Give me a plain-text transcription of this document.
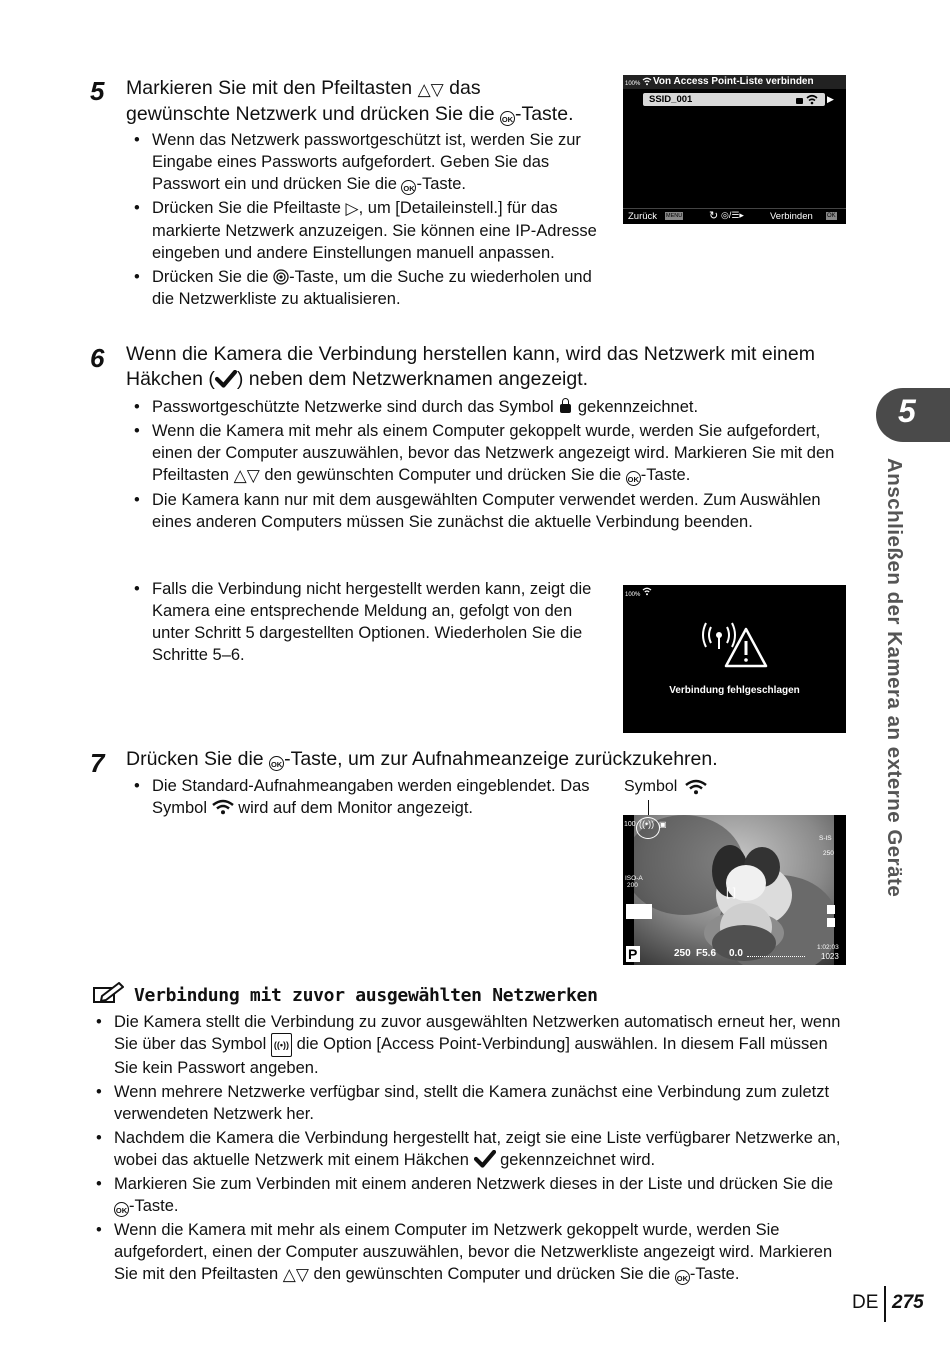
5 Markieren Sie mit den Pfeiltasten △▽ das
gewünschte Netzwerk und drücken Sie die OK-Taste.
• Wenn das Netzwerk passwortgeschützt ist, werden Sie zur Eingabe eines Passworts aufgefordert. Geben Sie das Passwort ein und drücken Sie die OK -Taste.
• Drücken Sie die Pfeiltaste ▷, um [Detaileinstell.] für das markierte Netzwerk anzuzeigen. Sie können eine IP-Adresse eingeben und andere Einstellungen manuell anpassen.
• Drücken Sie die -Taste, um die Suche zu wiederholen und die Netzwerkliste zu aktualisieren.
100% Von Access Point-Liste verbinden
SSID_001	▶
Zurück MENU ↻ ◎/☰▸	Verbinden OK
6 Wenn die Kamera die Verbindung herstellen kann, wird das Netzwerk mit einem Häkchen ( ) neben dem Netzwerknamen angezeigt.
• Passwortgeschützte Netzwerke sind durch das Symbol gekennzeichnet.
• Wenn die Kamera mit mehr als einem Computer gekoppelt wurde, werden Sie aufgefordert, einen der Computer auszuwählen, bevor das Netzwerk angezeigt wird. Markieren Sie mit den Pfeiltasten △▽ den gewünschten Computer und drücken Sie die OK -Taste.
• Die Kamera kann nur mit dem ausgewählten Computer verwendet werden. Zum Auswählen eines anderen Computers müssen Sie zunächst die aktuelle Verbindung beenden.
• Falls die Verbindung nicht hergestellt werden kann, zeigt die Kamera eine entsprechende Meldung an, gefolgt von den unter Schritt 5 dargestellten Optionen. Wiederholen Sie die Schritte 5–6.
100%
Verbindung fehlgeschlagen
7 Drücken Sie die OK-Taste, um zur Aufnahmeanzeige zurückzukehren.
• Die Standard-Aufnahmeangaben werden eingeblendet. Das Symbol wird auf dem Monitor angezeigt.
Symbol
100 ((•)) ▣
S-IS
ISO-A
200
250
[ ]
P	250 F5.6 0.0
1:02:03
1023
Verbindung mit zuvor ausgewählten Netzwerken
• Die Kamera stellt die Verbindung zu zuvor ausgewählten Netzwerken automatisch erneut her, wenn Sie über das Symbol ((•)) die Option [Access Point-Verbindung] auswählen. In diesem Fall müssen Sie kein Passwort angeben.
• Wenn mehrere Netzwerke verfügbar sind, stellt die Kamera zunächst eine Verbindung zum zuletzt verwendeten Netzwerk her.
• Nachdem die Kamera die Verbindung hergestellt hat, zeigt sie eine Liste verfügbarer Netzwerke an, wobei das aktuelle Netzwerk mit einem Häkchen gekennzeichnet wird.
• Markieren Sie zum Verbinden mit einem anderen Netzwerk dieses in der Liste und drücken Sie die OK -Taste.
• Wenn die Kamera mit mehr als einem Computer im Netzwerk gekoppelt wurde, werden Sie aufgefordert, einen der Computer auszuwählen, bevor die Netzwerkliste angezeigt wird. Markieren Sie mit den Pfeiltasten △▽ den gewünschten Computer und drücken Sie die OK -Taste.
5
Anschließen der Kamera an externe Geräte
DE 275
